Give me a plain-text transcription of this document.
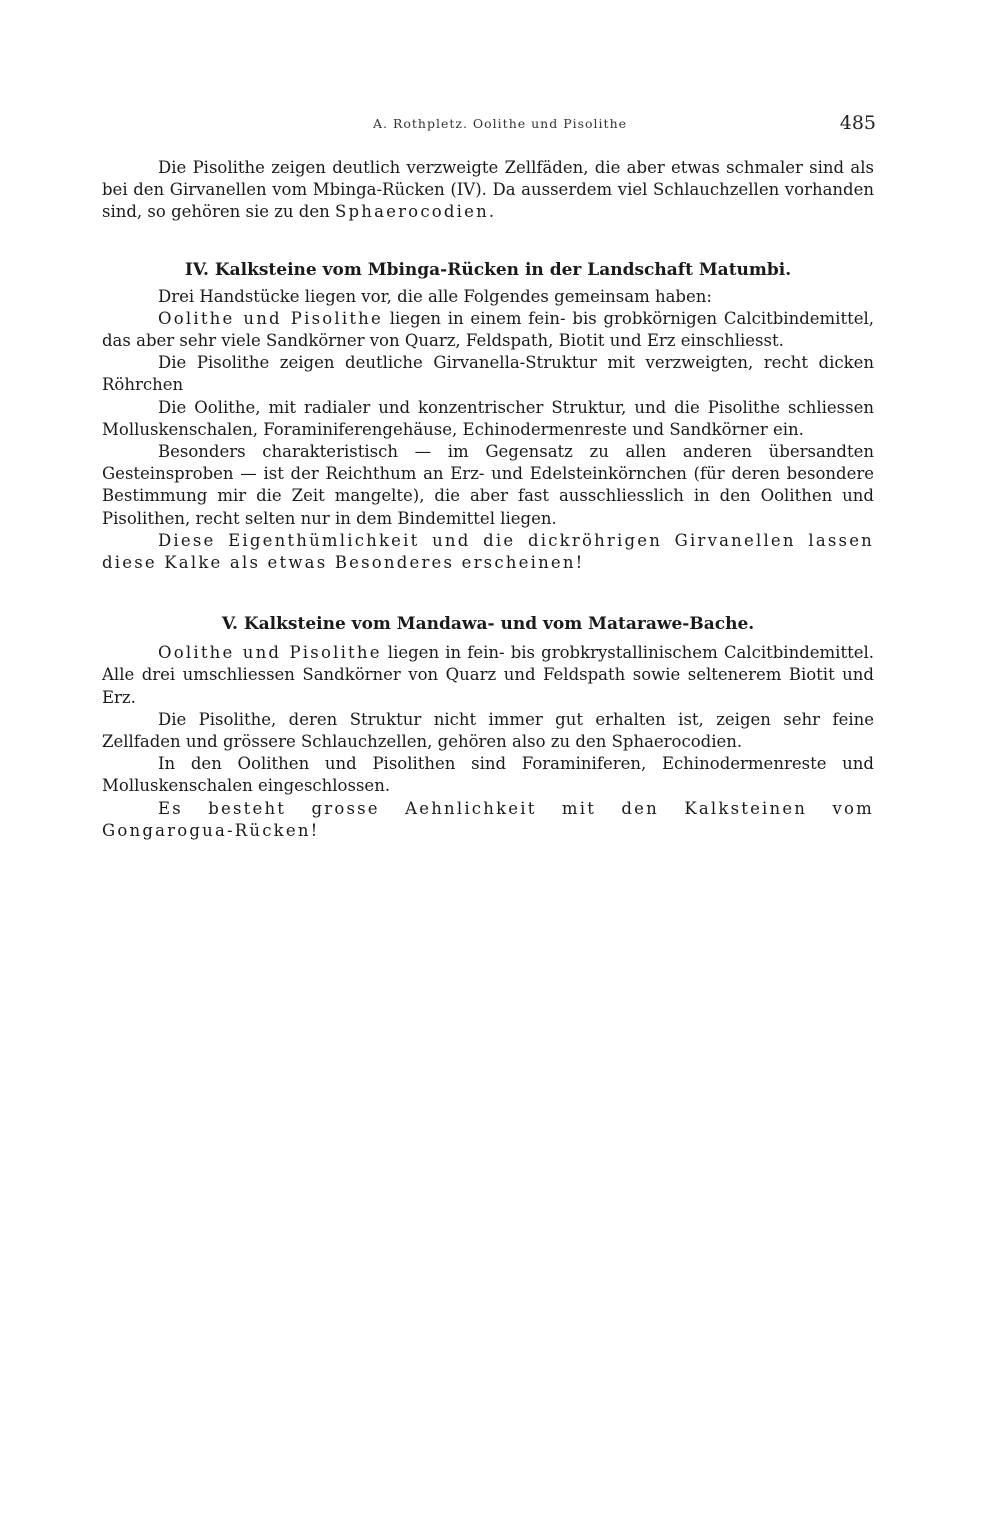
A. Rothpletz. Oolithe und Pisolithe	485

Die Pisolithe zeigen deutlich verzweigte Zellfäden, die aber etwas schmaler sind als bei den Girvanellen vom Mbinga-Rücken (IV). Da ausserdem viel Schlauchzellen vorhanden sind, so gehören sie zu den Sphaerocodien.

IV. Kalksteine vom Mbinga-Rücken in der Landschaft Matumbi.

Drei Handstücke liegen vor, die alle Folgendes gemeinsam haben:

Oolithe und Pisolithe liegen in einem fein- bis grobkörnigen Calcitbindemittel, das aber sehr viele Sandkörner von Quarz, Feldspath, Biotit und Erz einschliesst.

Die Pisolithe zeigen deutliche Girvanella-Struktur mit verzweigten, recht dicken Röhrchen

Die Oolithe, mit radialer und konzentrischer Struktur, und die Pisolithe schliessen Molluskenschalen, Foraminiferengehäuse, Echinodermenreste und Sandkörner ein.

Besonders charakteristisch — im Gegensatz zu allen anderen übersandten Gesteinsproben — ist der Reichthum an Erz- und Edelsteinkörnchen (für deren besondere Bestimmung mir die Zeit mangelte), die aber fast ausschliesslich in den Oolithen und Pisolithen, recht selten nur in dem Bindemittel liegen.

Diese Eigenthümlichkeit und die dickröhrigen Girvanellen lassen diese Kalke als etwas Besonderes erscheinen!

V. Kalksteine vom Mandawa- und vom Matarawe-Bache.

Oolithe und Pisolithe liegen in fein- bis grobkrystallinischem Calcitbindemittel. Alle drei umschliessen Sandkörner von Quarz und Feldspath sowie seltenerem Biotit und Erz.

Die Pisolithe, deren Struktur nicht immer gut erhalten ist, zeigen sehr feine Zellfaden und grössere Schlauchzellen, gehören also zu den Sphaerocodien.

In den Oolithen und Pisolithen sind Foraminiferen, Echinodermenreste und Molluskenschalen eingeschlossen.

Es besteht grosse Aehnlichkeit mit den Kalksteinen vom Gongarogua-Rücken!
